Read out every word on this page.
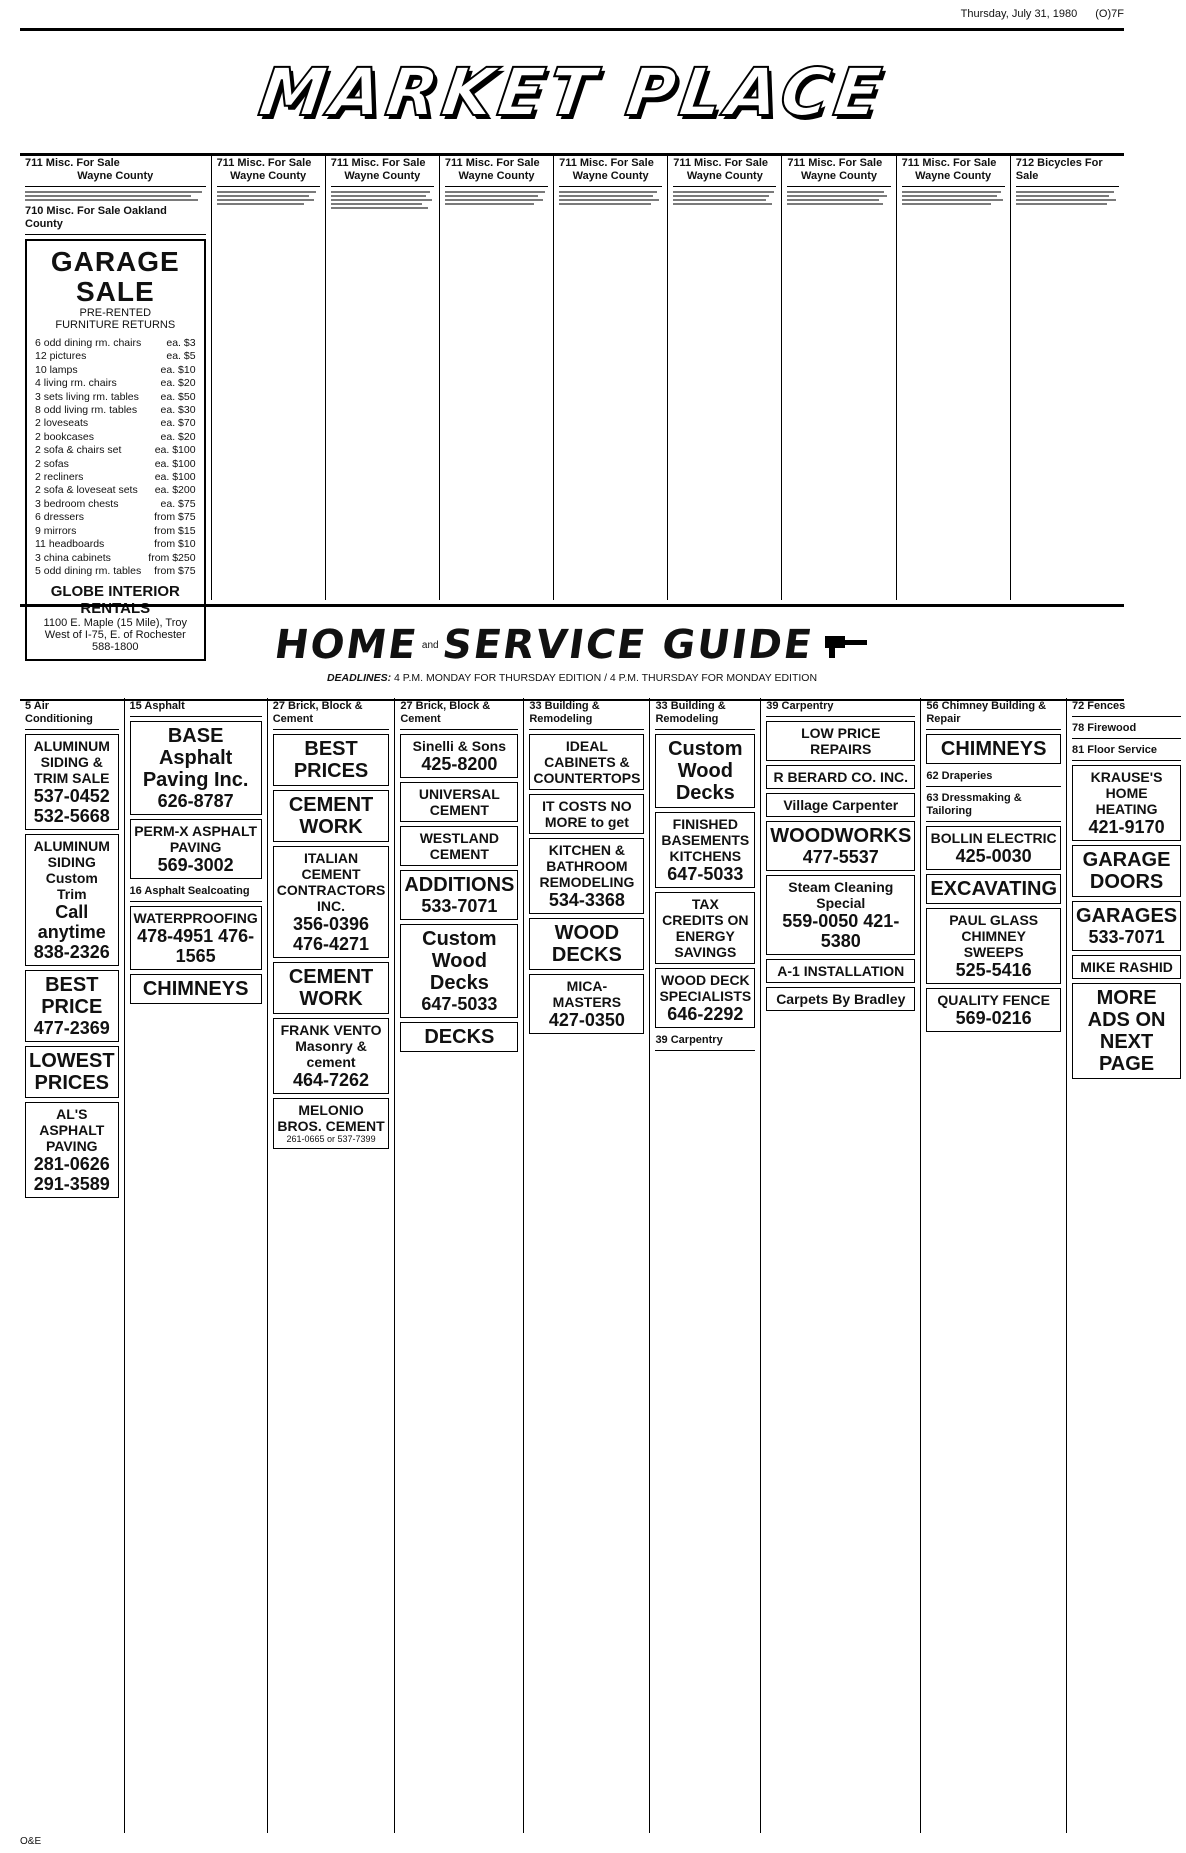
Thursday, July 31, 1980 (O)7F
MARKET PLACE
711 Misc. For Sale
Wayne County
710 Misc. For Sale Oakland County
GARAGE SALE
PRE-RENTED
FURNITURE RETURNS
6 odd dining rm. chairs ea. $3
12 pictures	ea. $5
10 lamps	ea. $10
4 living rm. chairs	ea. $20
3 sets living rm. tables ea. $50
8 odd living rm. tables ea. $30
2 loveseats	ea. $70
2 bookcases	ea. $20
2 sofa & chairs set	ea. $100
2 sofas	ea. $100
2 recliners	ea. $100
2 sofa & loveseat sets ea. $200
3 bedroom chests	ea. $75
6 dressers	from $75
9 mirrors	from $15
11 headboards	from $10
3 china cabinets	from $250
5 odd dining rm. tables from $75
GLOBE INTERIOR RENTALS
1100 E. Maple (15 Mile), Troy
West of I-75, E. of Rochester 588-1800
711 Misc. For Sale
Wayne County
711 Misc. For Sale
Wayne County
711 Misc. For Sale
Wayne County
711 Misc. For Sale
Wayne County
711 Misc. For Sale
Wayne County
711 Misc. For Sale
Wayne County
711 Misc. For Sale
Wayne County
712 Bicycles For Sale
HOME and SERVICE GUIDE
DEADLINES: 4 P.M. MONDAY FOR THURSDAY EDITION / 4 P.M. THURSDAY FOR MONDAY EDITION
5 Air Conditioning
ALUMINUM SIDING & TRIM SALE
537-0452 532-5668
ALUMINUM SIDING Custom Trim
Call anytime 838-2326
BEST PRICE
477-2369
LOWEST PRICES
AL'S ASPHALT PAVING
281-0626 291-3589
15 Asphalt
BASE Asphalt Paving Inc.
626-8787
PERM-X ASPHALT PAVING
569-3002
16 Asphalt Sealcoating
WATERPROOFING
478-4951 476-1565
CHIMNEYS
27 Brick, Block & Cement
BEST PRICES
CEMENT WORK
ITALIAN CEMENT CONTRACTORS INC.
356-0396 476-4271
CEMENT WORK
FRANK VENTO Masonry & cement
464-7262
MELONIO BROS. CEMENT
261-0665 or 537-7399
27 Brick, Block & Cement
Sinelli & Sons
425-8200
UNIVERSAL CEMENT
WESTLAND CEMENT
ADDITIONS
533-7071
Custom Wood Decks
647-5033
DECKS
33 Building & Remodeling
IDEAL CABINETS & COUNTERTOPS
IT COSTS NO MORE to get
KITCHEN & BATHROOM REMODELING
534-3368
WOOD DECKS
MICA-MASTERS
427-0350
33 Building & Remodeling
Custom Wood Decks
FINISHED BASEMENTS KITCHENS
647-5033
TAX CREDITS ON ENERGY SAVINGS
WOOD DECK SPECIALISTS
646-2292
39 Carpentry
39 Carpentry
LOW PRICE REPAIRS
R BERARD CO. INC.
Village Carpenter
WOODWORKS
477-5537
Steam Cleaning Special
559-0050 421-5380
A-1 INSTALLATION
Carpets By Bradley
56 Chimney Building & Repair
CHIMNEYS
62 Draperies
63 Dressmaking & Tailoring
BOLLIN ELECTRIC
425-0030
EXCAVATING
PAUL GLASS CHIMNEY SWEEPS
525-5416
QUALITY FENCE
569-0216
72 Fences
78 Firewood
81 Floor Service
KRAUSE'S HOME HEATING
421-9170
GARAGE DOORS
GARAGES
533-7071
MIKE RASHID
MORE ADS ON NEXT PAGE
O&E
